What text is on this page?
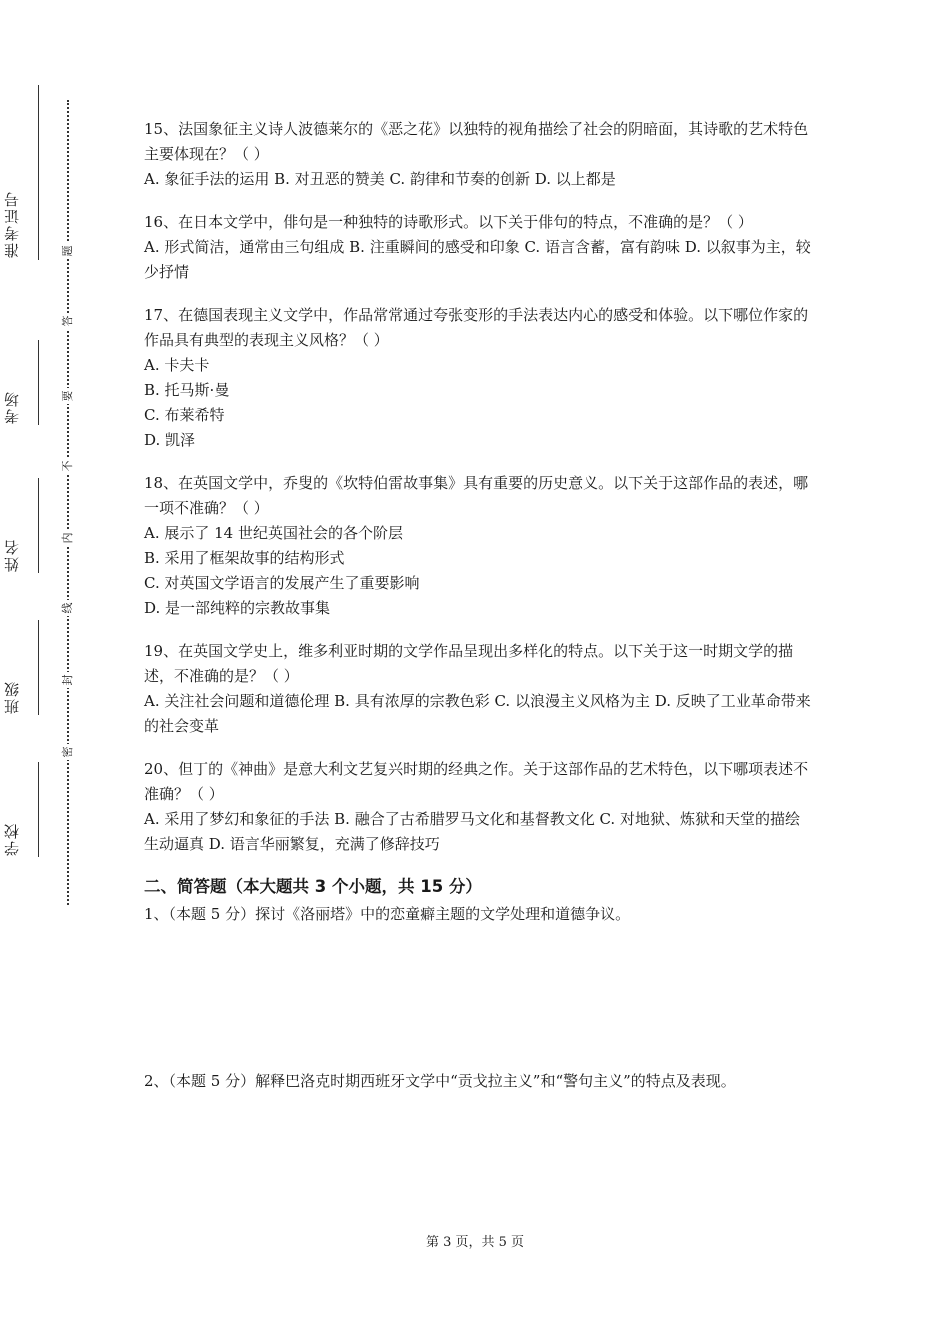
准考证号
考场
姓名
班级
学校
题
答
要
不
内
线
封
密

15、法国象征主义诗人波德莱尔的《恶之花》以独特的视角描绘了社会的阴暗面，其诗歌的艺术特色主要体现在？（ ）

A. 象征手法的运用 B. 对丑恶的赞美 C. 韵律和节奏的创新 D. 以上都是

16、在日本文学中，俳句是一种独特的诗歌形式。以下关于俳句的特点，不准确的是？（ ）

A. 形式简洁，通常由三句组成 B. 注重瞬间的感受和印象 C. 语言含蓄，富有韵味 D. 以叙事为主，较少抒情

17、在德国表现主义文学中，作品常常通过夸张变形的手法表达内心的感受和体验。以下哪位作家的作品具有典型的表现主义风格？（ ）

A. 卡夫卡

B. 托马斯·曼

C. 布莱希特

D. 凯泽

18、在英国文学中，乔叟的《坎特伯雷故事集》具有重要的历史意义。以下关于这部作品的表述，哪一项不准确？（ ）

A. 展示了 14 世纪英国社会的各个阶层

B. 采用了框架故事的结构形式

C. 对英国文学语言的发展产生了重要影响

D. 是一部纯粹的宗教故事集

19、在英国文学史上，维多利亚时期的文学作品呈现出多样化的特点。以下关于这一时期文学的描述，不准确的是？（ ）

A. 关注社会问题和道德伦理 B. 具有浓厚的宗教色彩 C. 以浪漫主义风格为主 D. 反映了工业革命带来的社会变革

20、但丁的《神曲》是意大利文艺复兴时期的经典之作。关于这部作品的艺术特色，以下哪项表述不准确？（ ）

A. 采用了梦幻和象征的手法 B. 融合了古希腊罗马文化和基督教文化 C. 对地狱、炼狱和天堂的描绘生动逼真 D. 语言华丽繁复，充满了修辞技巧

二、简答题（本大题共 3 个小题，共 15 分）
1、（本题 5 分）探讨《洛丽塔》中的恋童癖主题的文学处理和道德争议。
2、（本题 5 分）解释巴洛克时期西班牙文学中“贡戈拉主义”和“警句主义”的特点及表现。
第 3 页，共 5 页
